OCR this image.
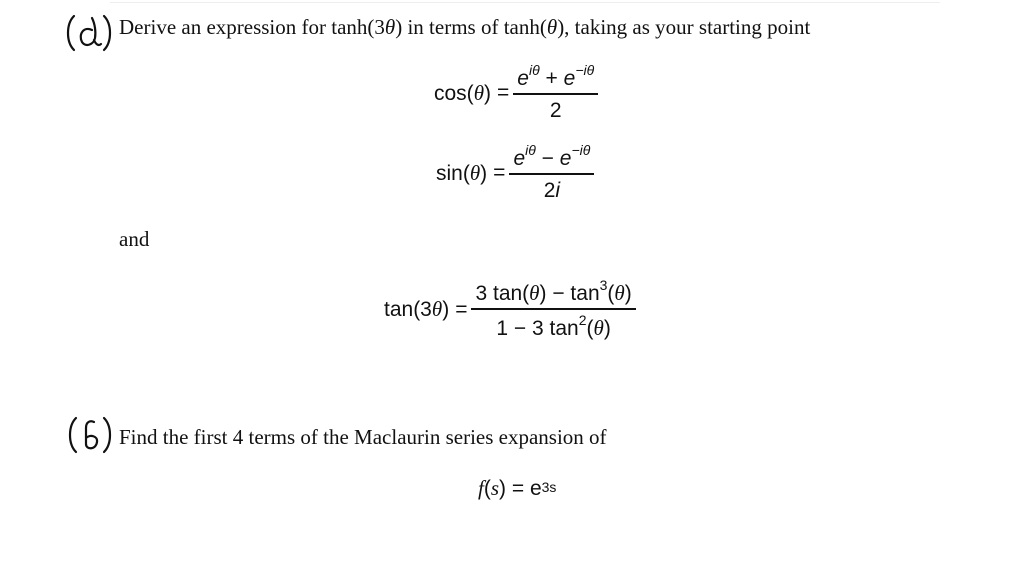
Derive an expression for tanh(3θ) in terms of tanh(θ), taking as your starting point
$\cos(\theta) = \frac{e^{i\theta} + e^{-i\theta}}{2}$
$\sin(\theta) = \frac{e^{i\theta} - e^{-i\theta}}{2i}$
and
$\tan(3\theta) = \frac{3 \tan(\theta) - \tan^3(\theta)}{1 - 3 \tan^2(\theta)}$
Find the first 4 terms of the Maclaurin series expansion of
f ( s ) = $e^{3s}$
